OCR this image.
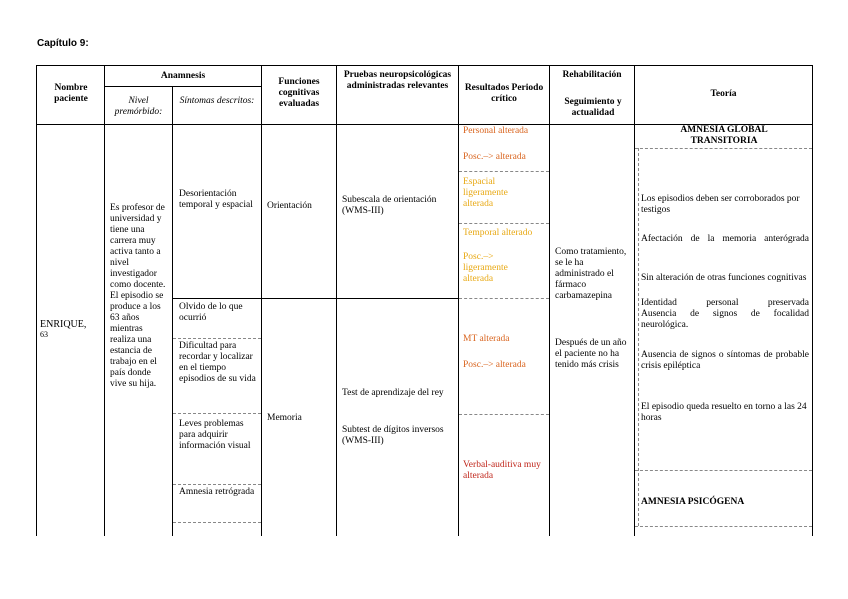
Capítulo 9:
Nombre paciente
Anamnesis
Nivel premórbido:
Síntomas descritos:
Funciones cognitivas evaluadas
Pruebas neuropsicológicas administradas relevantes	Resultados Periodo crítico
Rehabilitación
Seguimiento y actualidad
Teoría
ENRIQUE,
63
Es profesor de universidad y tiene una carrera muy activa tanto a nivel investigador como docente. El episodio se produce a los 63 años mientras realiza una estancia de trabajo en el país donde vive su hija.
Desorientación temporal y espacial
Olvido de lo que ocurrió
Dificultad para recordar y localizar en el tiempo episodios de su vida
Leves problemas para adquirir información visual
Amnesia retrógrada
Orientación
Memoria
Subescala de orientación (WMS-III)
Test de aprendizaje del rey
Subtest de dígitos inversos (WMS-III)
Personal alterada
Posc.–> alterada
Espacial ligeramente alterada
Temporal alterado
Posc.–> ligeramente alterada
MT alterada
Posc.–> alterada
Verbal-auditiva muy alterada
Como tratamiento, se le ha administrado el fármaco carbamazepina
Después de un año el paciente no ha tenido más crisis
AMNESIA GLOBAL TRANSITORIA
Los episodios deben ser corroborados por testigos
Afectación de la memoria anterógrada
Sin alteración de otras funciones cognitivas
Identidad personal preservada
Ausencia de signos de focalidad neurológica.
Ausencia de signos o síntomas de probable crisis epiléptica
El episodio queda resuelto en torno a las 24 horas
AMNESIA PSICÓGENA
